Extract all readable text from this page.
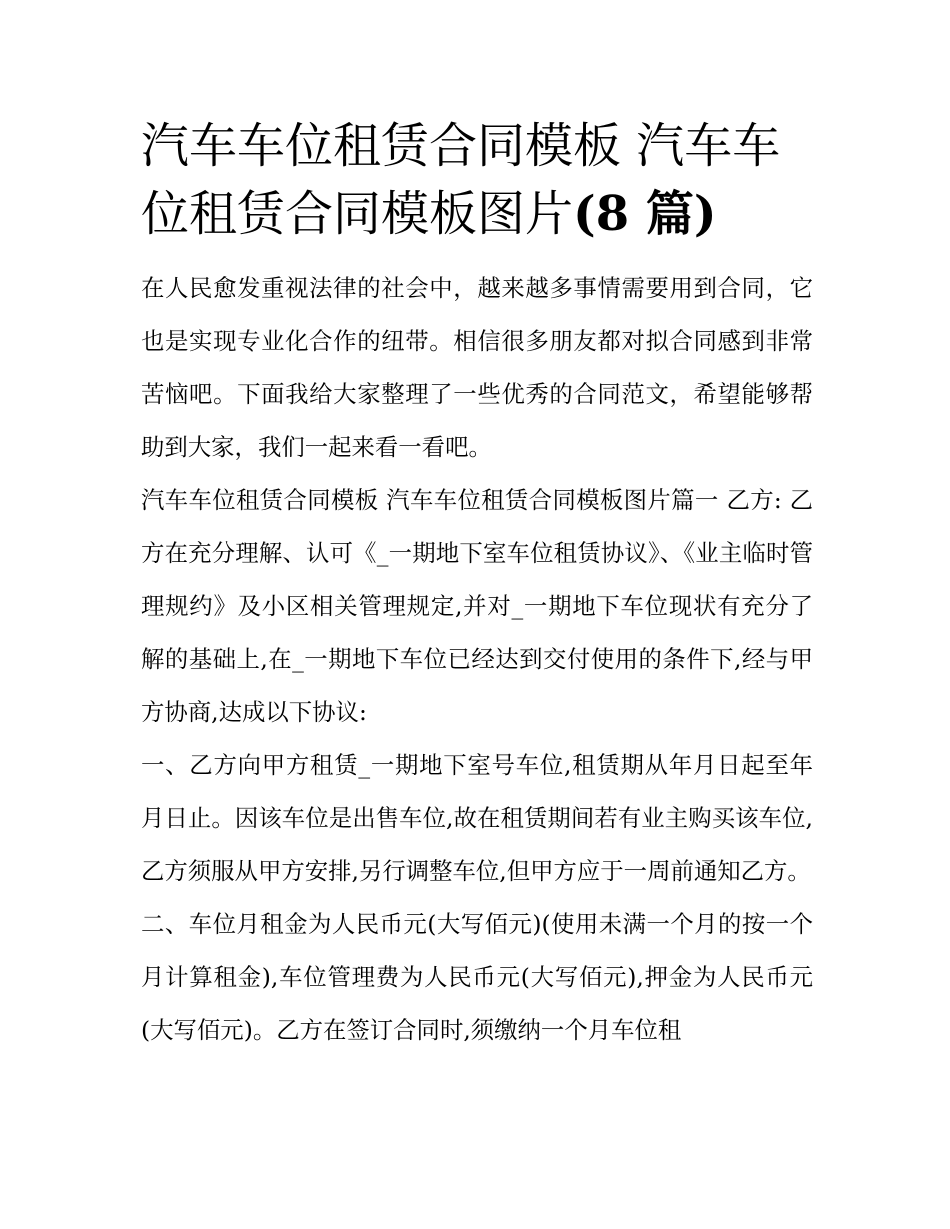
汽车车位租赁合同模板 汽车车
位租赁合同模板图片(8 篇)

在人民愈发重视法律的社会中，越来越多事情需要用到合同，它也是实现专业化合作的纽带。相信很多朋友都对拟合同感到非常苦恼吧。下面我给大家整理了一些优秀的合同范文，希望能够帮助到大家，我们一起来看一看吧。

汽车车位租赁合同模板 汽车车位租赁合同模板图片篇一 乙方: 乙方在充分理解、认可《_一期地下室车位租赁协议》、《业主临时管理规约》及小区相关管理规定,并对_一期地下车位现状有充分了解的基础上,在_一期地下车位已经达到交付使用的条件下,经与甲方协商,达成以下协议:

一、乙方向甲方租赁_一期地下室号车位,租赁期从年月日起至年月日止。因该车位是出售车位,故在租赁期间若有业主购买该车位,乙方须服从甲方安排,另行调整车位,但甲方应于一周前通知乙方。

二、车位月租金为人民币元(大写佰元)(使用未满一个月的按一个月计算租金),车位管理费为人民币元(大写佰元),押金为人民币元(大写佰元)。乙方在签订合同时,须缴纳一个月车位租
